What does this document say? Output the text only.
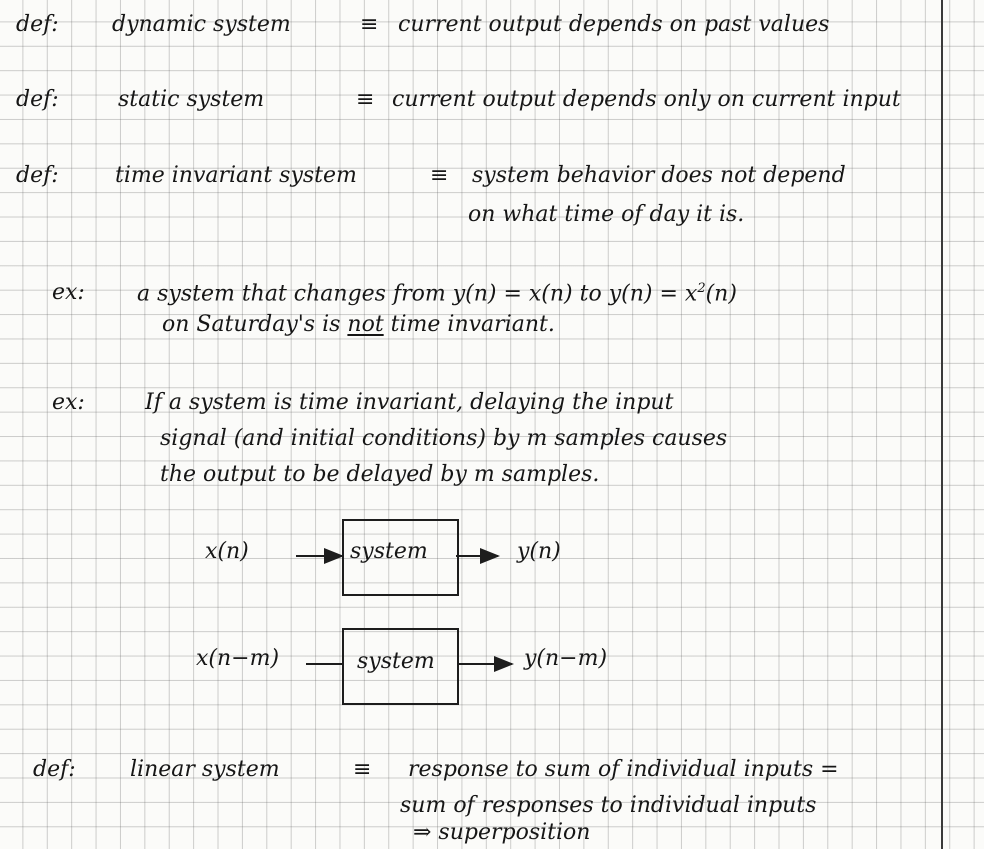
def: dynamic system	≡ current output depends on past values
def:	static system	≡ current output depends only on current input
def:	time invariant system	≡ system behavior does not depend
on what time of day it is.
ex: a system that changes from y(n) = x(n) to $y(n) = x^2(n)$
on Saturday's is not time invariant.
ex:	If a system is time invariant, delaying the input
signal (and initial conditions) by m samples causes
the output to be delayed by m samples.
x(n)	system	y(n)
x(n−m)	system	y(n−m)
def: linear system	≡ response to sum of individual inputs =
sum of responses to individual inputs
⇒ superposition
